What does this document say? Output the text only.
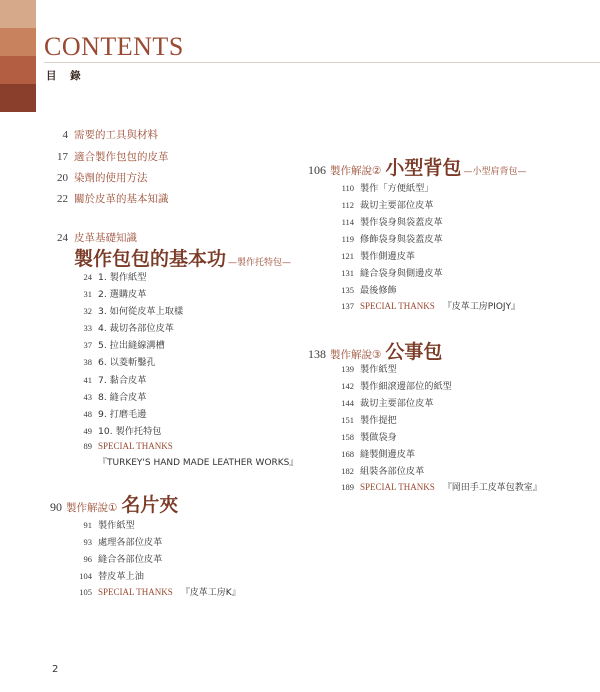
CONTENTS
目 錄
4 需要的工具與材料
17 適合製作包包的皮革
20 染劑的使用方法
22 關於皮革的基本知識
24 皮革基礎知識
製作包包的基本功 —製作托特包—
24 1. 製作紙型
31 2. 選購皮革
32 3. 如何從皮革上取樣
33 4. 裁切各部位皮革
37 5. 拉出縫線溝槽
38 6. 以菱斬鑿孔
41 7. 黏合皮革
43 8. 縫合皮革
48 9. 打磨毛邊
49 10. 製作托特包
89 SPECIAL THANKS
『TURKEY'S HAND MADE LEATHER WORKS』
90 製作解說① 名片夾
91 製作紙型
93 處理各部位皮革
96 縫合各部位皮革
104 替皮革上油
105 SPECIAL THANKS 『皮革工房K』
106 製作解說② 小型背包 —小型肩背包—
110 製作「方便紙型」
112 裁切主要部位皮革
114 製作袋身與袋蓋皮革
119 修飾袋身與袋蓋皮革
121 製作側邊皮革
131 縫合袋身與側邊皮革
135 最後修飾
137 SPECIAL THANKS 『皮革工房PIOJY』
138 製作解說③ 公事包
139 製作紙型
142 製作細滾邊部位的紙型
144 裁切主要部位皮革
151 製作提把
158 製做袋身
168 縫製側邊皮革
182 組裝各部位皮革
189 SPECIAL THANKS 『岡田手工皮革包教室』
2
